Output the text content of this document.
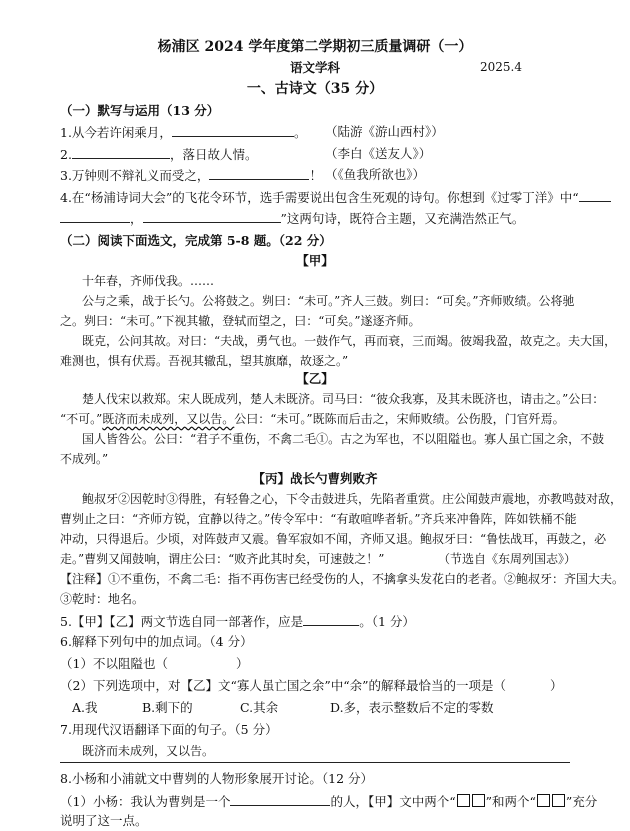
杨浦区 2024 学年度第二学期初三质量调研（一）
语文学科	2025.4
一、古诗文（35 分）
（一）默写与运用（13 分）
1.从今若许闲乘月，	。 （陆游《游山西村》）
2.	，落日故人情。	（李白《送友人》）
3.万钟则不辩礼义而受之，	！ （《鱼我所欲也》）
4.在“杨浦诗词大会”的飞花令环节，选手需要说出包含生死观的诗句。你想到《过零丁洋》中“
，	”这两句诗，既符合主题，又充满浩然正气。
（二）阅读下面选文，完成第 5-8 题。（22 分）
【甲】
十年春，齐师伐我。……
公与之乘，战于长勺。公将鼓之。刿曰：“未可。”齐人三鼓。刿曰：“可矣。”齐师败绩。公将驰
之。刿曰：“未可。”下视其辙，登轼而望之，曰：“可矣。”遂逐齐师。
既克，公问其故。对曰：“夫战，勇气也。一鼓作气，再而衰，三而竭。彼竭我盈，故克之。夫大国，
难测也，惧有伏焉。吾视其辙乱，望其旗靡，故逐之。”
【乙】
楚人伐宋以救郑。宋人既成列，楚人未既济。司马曰：“彼众我寡，及其未既济也，请击之。”公曰：
“不可。”既济而未成列，又以告。公曰：“未可。”既陈而后击之，宋师败绩。公伤股，门官歼焉。
国人皆咎公。公曰：“君子不重伤，不禽二毛①。古之为军也，不以阻隘也。寡人虽亡国之余，不鼓
不成列。”
【丙】战长勺曹刿败齐
鲍叔牙②因乾时③得胜，有轻鲁之心，下令击鼓进兵，先陷者重赏。庄公闻鼓声震地，亦教鸣鼓对敌，
曹刿止之曰：“齐师方锐，宜静以待之。”传令军中：“有敢喧哗者斩。”齐兵来冲鲁阵，阵如铁桶不能
冲动，只得退后。少顷，对阵鼓声又震。鲁军寂如不闻，齐师又退。鲍叔牙曰：“鲁怯战耳，再鼓之，必
走。”曹刿又闻鼓响，谓庄公曰：“败齐此其时矣，可速鼓之！”	（节选自《东周列国志》）
【注释】①不重伤，不禽二毛：指不再伤害已经受伤的人，不擒拿头发花白的老者。②鲍叔牙：齐国大夫。
③乾时：地名。
5.【甲】【乙】两文节选自同一部著作，应是	。（1 分）
6.解释下列句中的加点词。（4 分）
（1）不以阻隘也（	）
（2）下列选项中，对【乙】文“寡人虽亡国之余”中“余”的解释最恰当的一项是（	）
A.我	B.剩下的	C.其余	D.多，表示整数后不定的零数
7.用现代汉语翻译下面的句子。（5 分）
既济而未成列，又以告。
8.小杨和小浦就文中曹刿的人物形象展开讨论。（12 分）
（1）小杨：我认为曹刿是一个	的人，【甲】文中两个“ ”和两个“ ”充分
说明了这一点。
